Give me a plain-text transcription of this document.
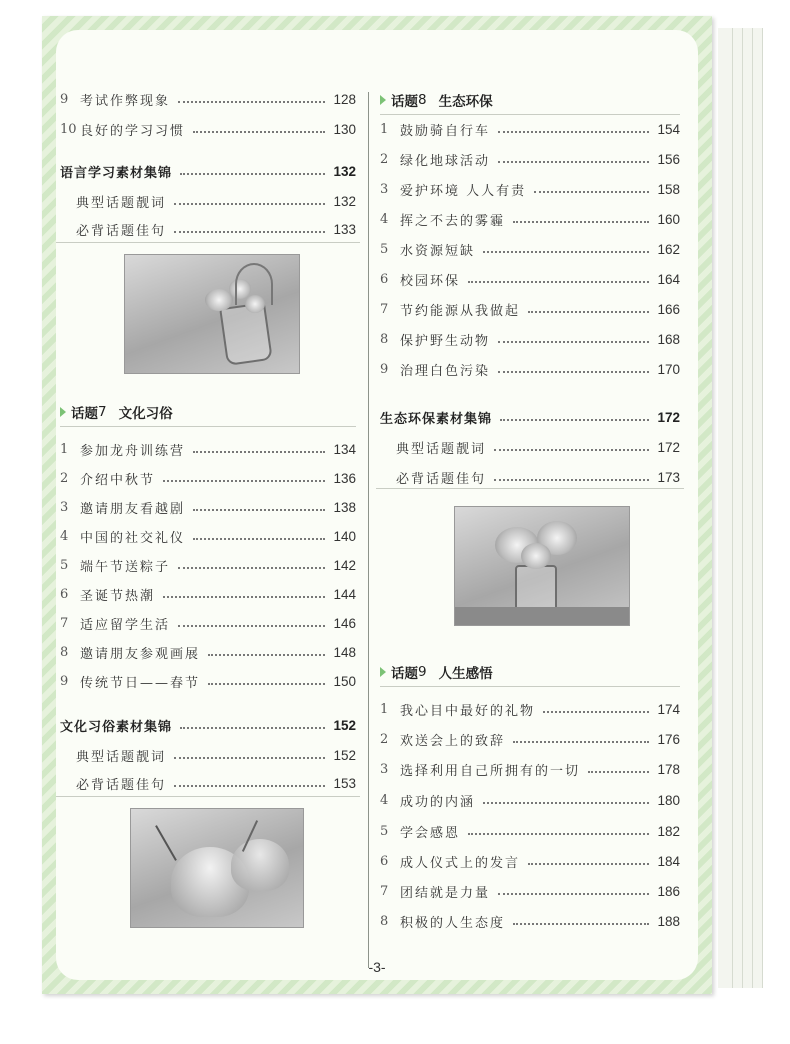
9 考试作弊现象	128
10 良好的学习习惯	130
语言学习素材集锦	132
典型话题靓词	132
必背话题佳句	133
话题 7 文化习俗
1 参加龙舟训练营	134
2 介绍中秋节	136
3 邀请朋友看越剧	138
4 中国的社交礼仪	140
5 端午节送粽子	142
6 圣诞节热潮	144
7 适应留学生活	146
8 邀请朋友参观画展	148
9 传统节日——春节	150
文化习俗素材集锦	152
典型话题靓词	152
必背话题佳句	153
话题 8 生态环保
1 鼓励骑自行车	154
2 绿化地球活动	156
3 爱护环境 人人有责	158
4 挥之不去的雾霾	160
5 水资源短缺	162
6 校园环保	164
7 节约能源从我做起	166
8 保护野生动物	168
9 治理白色污染	170
生态环保素材集锦	172
典型话题靓词	172
必背话题佳句	173
话题 9 人生感悟
1 我心目中最好的礼物	174
2 欢送会上的致辞	176
3 选择利用自己所拥有的一切	178
4 成功的内涵	180
5 学会感恩	182
6 成人仪式上的发言	184
7 团结就是力量	186
8 积极的人生态度	188
-3-
